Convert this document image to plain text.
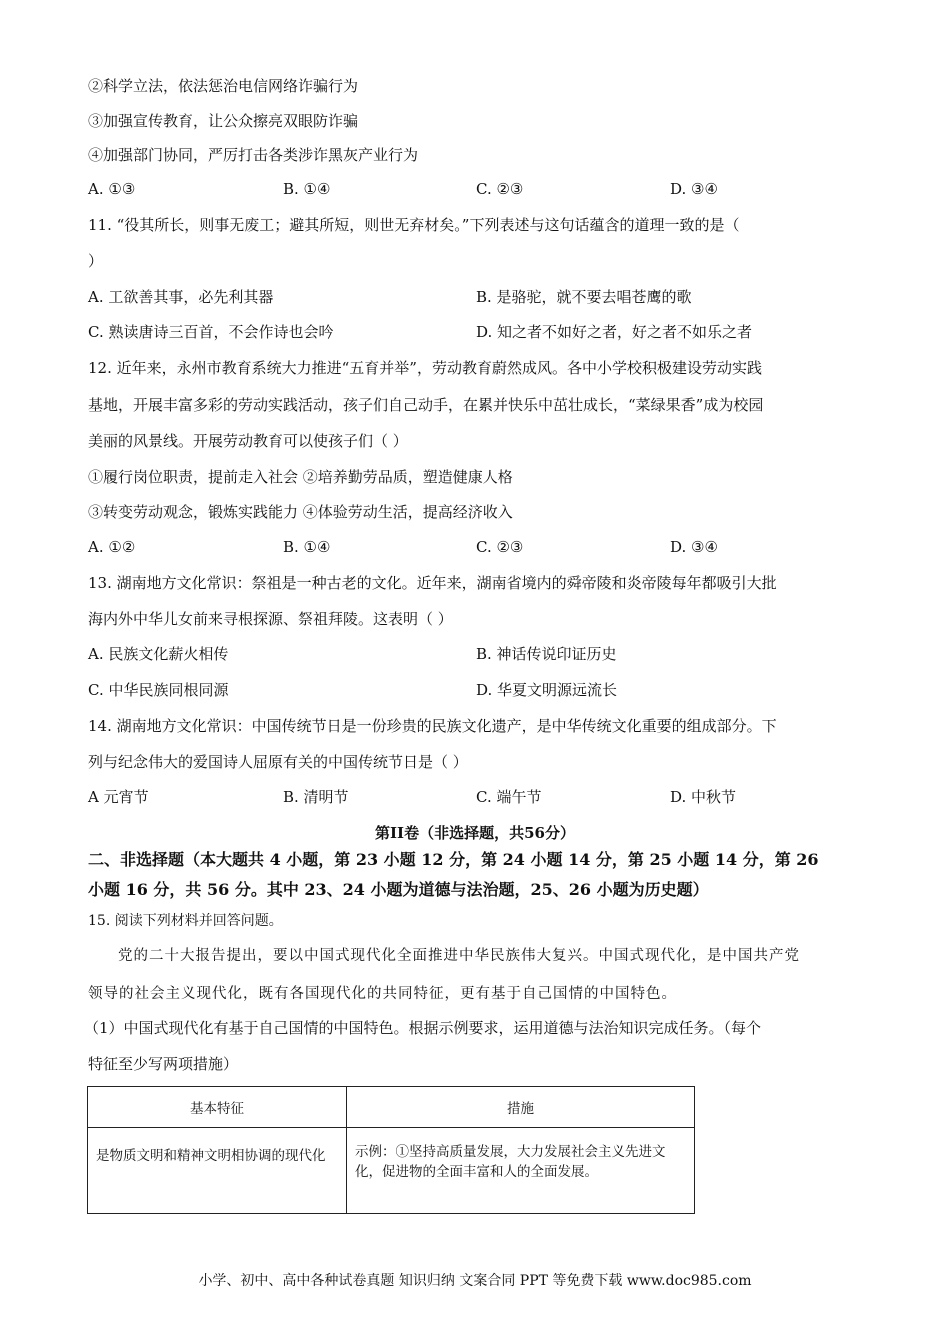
②科学立法，依法惩治电信网络诈骗行为
③加强宣传教育，让公众擦亮双眼防诈骗
④加强部门协同，严厉打击各类涉诈黑灰产业行为
A. ①③	B. ①④	C. ②③	D. ③④
11. “役其所长，则事无废工；避其所短，则世无弃材矣。”下列表述与这句话蕴含的道理一致的是（
）
A. 工欲善其事，必先利其器	B. 是骆驼，就不要去唱苍鹰的歌
C. 熟读唐诗三百首，不会作诗也会吟	D. 知之者不如好之者，好之者不如乐之者
12. 近年来，永州市教育系统大力推进“五育并举”，劳动教育蔚然成风。各中小学校积极建设劳动实践
基地，开展丰富多彩的劳动实践活动，孩子们自己动手，在累并快乐中茁壮成长，“菜绿果香”成为校园
美丽的风景线。开展劳动教育可以使孩子们（ ）
①履行岗位职责，提前走入社会 ②培养勤劳品质，塑造健康人格
③转变劳动观念，锻炼实践能力 ④体验劳动生活，提高经济收入
A. ①②	B. ①④	C. ②③	D. ③④
13. 湖南地方文化常识：祭祖是一种古老的文化。近年来，湖南省境内的舜帝陵和炎帝陵每年都吸引大批
海内外中华儿女前来寻根探源、祭祖拜陵。这表明（ ）
A. 民族文化薪火相传	B. 神话传说印证历史
C. 中华民族同根同源	D. 华夏文明源远流长
14. 湖南地方文化常识：中国传统节日是一份珍贵的民族文化遗产，是中华传统文化重要的组成部分。下
列与纪念伟大的爱国诗人屈原有关的中国传统节日是（ ）
A 元宵节	B. 清明节	C. 端午节	D. 中秋节
第II卷（非选择题，共56分）
二、非选择题（本大题共 4 小题，第 23 小题 12 分，第 24 小题 14 分，第 25 小题 14 分，第 26
小题 16 分，共 56 分。其中 23、24 小题为道德与法治题，25、26 小题为历史题）
15. 阅读下列材料并回答问题。
党的二十大报告提出，要以中国式现代化全面推进中华民族伟大复兴。中国式现代化，是中国共产党
领导的社会主义现代化，既有各国现代化的共同特征，更有基于自己国情的中国特色。
（1）中国式现代化有基于自己国情的中国特色。根据示例要求，运用道德与法治知识完成任务。（每个
特征至少写两项措施）
基本特征	措施
是物质文明和精神文明相协调的现代化	示例：①坚持高质量发展，大力发展社会主义先进文化，促进物的全面丰富和人的全面发展。
小学、初中、高中各种试卷真题 知识归纳 文案合同 PPT 等免费下载 www.doc985.com
